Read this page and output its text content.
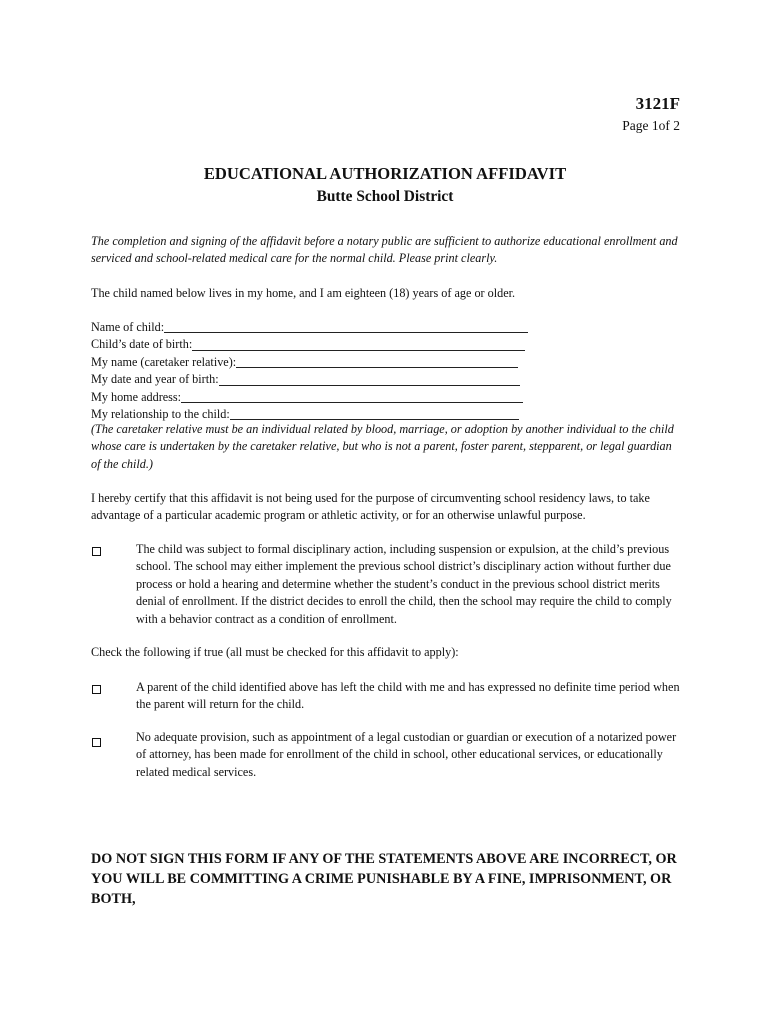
3121F
Page 1of 2
EDUCATIONAL AUTHORIZATION AFFIDAVIT
Butte School District
The completion and signing of the affidavit before a notary public are sufficient to authorize educational enrollment and serviced and school-related medical care for the normal child. Please print clearly.
The child named below lives in my home, and I am eighteen (18) years of age or older.
Name of child:
Child’s date of birth:
My name (caretaker relative):
My date and year of birth:
My home address:
My relationship to the child:
(The caretaker relative must be an individual related by blood, marriage, or adoption by another individual to the child whose care is undertaken by the caretaker relative, but who is not a parent, foster parent, stepparent, or legal guardian of the child.)
I hereby certify that this affidavit is not being used for the purpose of circumventing school residency laws, to take advantage of a particular academic program or athletic activity, or for an otherwise unlawful purpose.
The child was subject to formal disciplinary action, including suspension or expulsion, at the child’s previous school. The school may either implement the previous school district’s disciplinary action without further due process or hold a hearing and determine whether the student’s conduct in the previous school district merits denial of enrollment. If the district decides to enroll the child, then the school may require the child to comply with a behavior contract as a condition of enrollment.
Check the following if true (all must be checked for this affidavit to apply):
A parent of the child identified above has left the child with me and has expressed no definite time period when the parent will return for the child.
No adequate provision, such as appointment of a legal custodian or guardian or execution of a notarized power of attorney, has been made for enrollment of the child in school, other educational services, or educationally related medical services.
DO NOT SIGN THIS FORM IF ANY OF THE STATEMENTS ABOVE ARE INCORRECT, OR YOU WILL BE COMMITTING A CRIME PUNISHABLE BY A FINE, IMPRISONMENT, OR BOTH,
